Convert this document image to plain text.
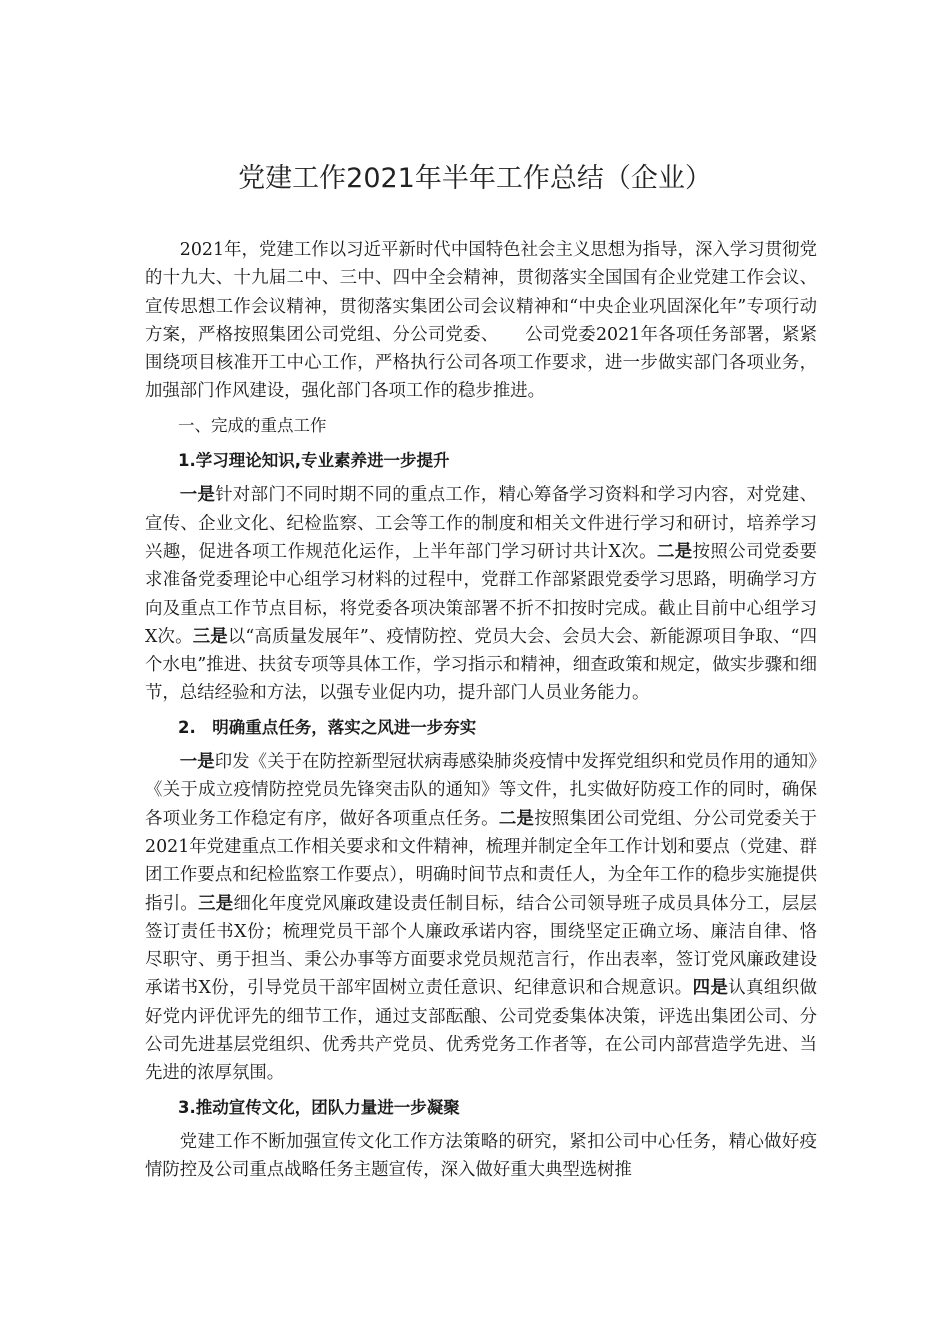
党建工作2021年半年工作总结（企业）

2021年，党建工作以习近平新时代中国特色社会主义思想为指导，深入学习贯彻党的十九大、十九届二中、三中、四中全会精神，贯彻落实全国国有企业党建工作会议、宣传思想工作会议精神，贯彻落实集团公司会议精神和“中央企业巩固深化年”专项行动方案，严格按照集团公司党组、分公司党委、　　公司党委2021年各项任务部署，紧紧围绕项目核准开工中心工作，严格执行公司各项工作要求，进一步做实部门各项业务，加强部门作风建设，强化部门各项工作的稳步推进。

一、完成的重点工作
1.学习理论知识,专业素养进一步提升

一是针对部门不同时期不同的重点工作，精心筹备学习资料和学习内容，对党建、宣传、企业文化、纪检监察、工会等工作的制度和相关文件进行学习和研讨，培养学习兴趣，促进各项工作规范化运作，上半年部门学习研讨共计X次。二是按照公司党委要求准备党委理论中心组学习材料的过程中，党群工作部紧跟党委学习思路，明确学习方向及重点工作节点目标，将党委各项决策部署不折不扣按时完成。截止目前中心组学习X次。三是以“高质量发展年”、疫情防控、党员大会、会员大会、新能源项目争取、“四个水电”推进、扶贫专项等具体工作，学习指示和精神，细查政策和规定，做实步骤和细节，总结经验和方法，以强专业促内功，提升部门人员业务能力。

2.　明确重点任务，落实之风进一步夯实

一是印发《关于在防控新型冠状病毒感染肺炎疫情中发挥党组织和党员作用的通知》《关于成立疫情防控党员先锋突击队的通知》等文件，扎实做好防疫工作的同时，确保各项业务工作稳定有序，做好各项重点任务。二是按照集团公司党组、分公司党委关于2021年党建重点工作相关要求和文件精神，梳理并制定全年工作计划和要点（党建、群团工作要点和纪检监察工作要点），明确时间节点和责任人，为全年工作的稳步实施提供指引。三是细化年度党风廉政建设责任制目标，结合公司领导班子成员具体分工，层层签订责任书X份；梳理党员干部个人廉政承诺内容，围绕坚定正确立场、廉洁自律、恪尽职守、勇于担当、秉公办事等方面要求党员规范言行，作出表率，签订党风廉政建设承诺书X份，引导党员干部牢固树立责任意识、纪律意识和合规意识。四是认真组织做好党内评优评先的细节工作，通过支部酝酿、公司党委集体决策，评选出集团公司、分公司先进基层党组织、优秀共产党员、优秀党务工作者等，在公司内部营造学先进、当先进的浓厚氛围。

3.推动宣传文化，团队力量进一步凝聚

党建工作不断加强宣传文化工作方法策略的研究，紧扣公司中心任务，精心做好疫情防控及公司重点战略任务主题宣传，深入做好重大典型选树推
